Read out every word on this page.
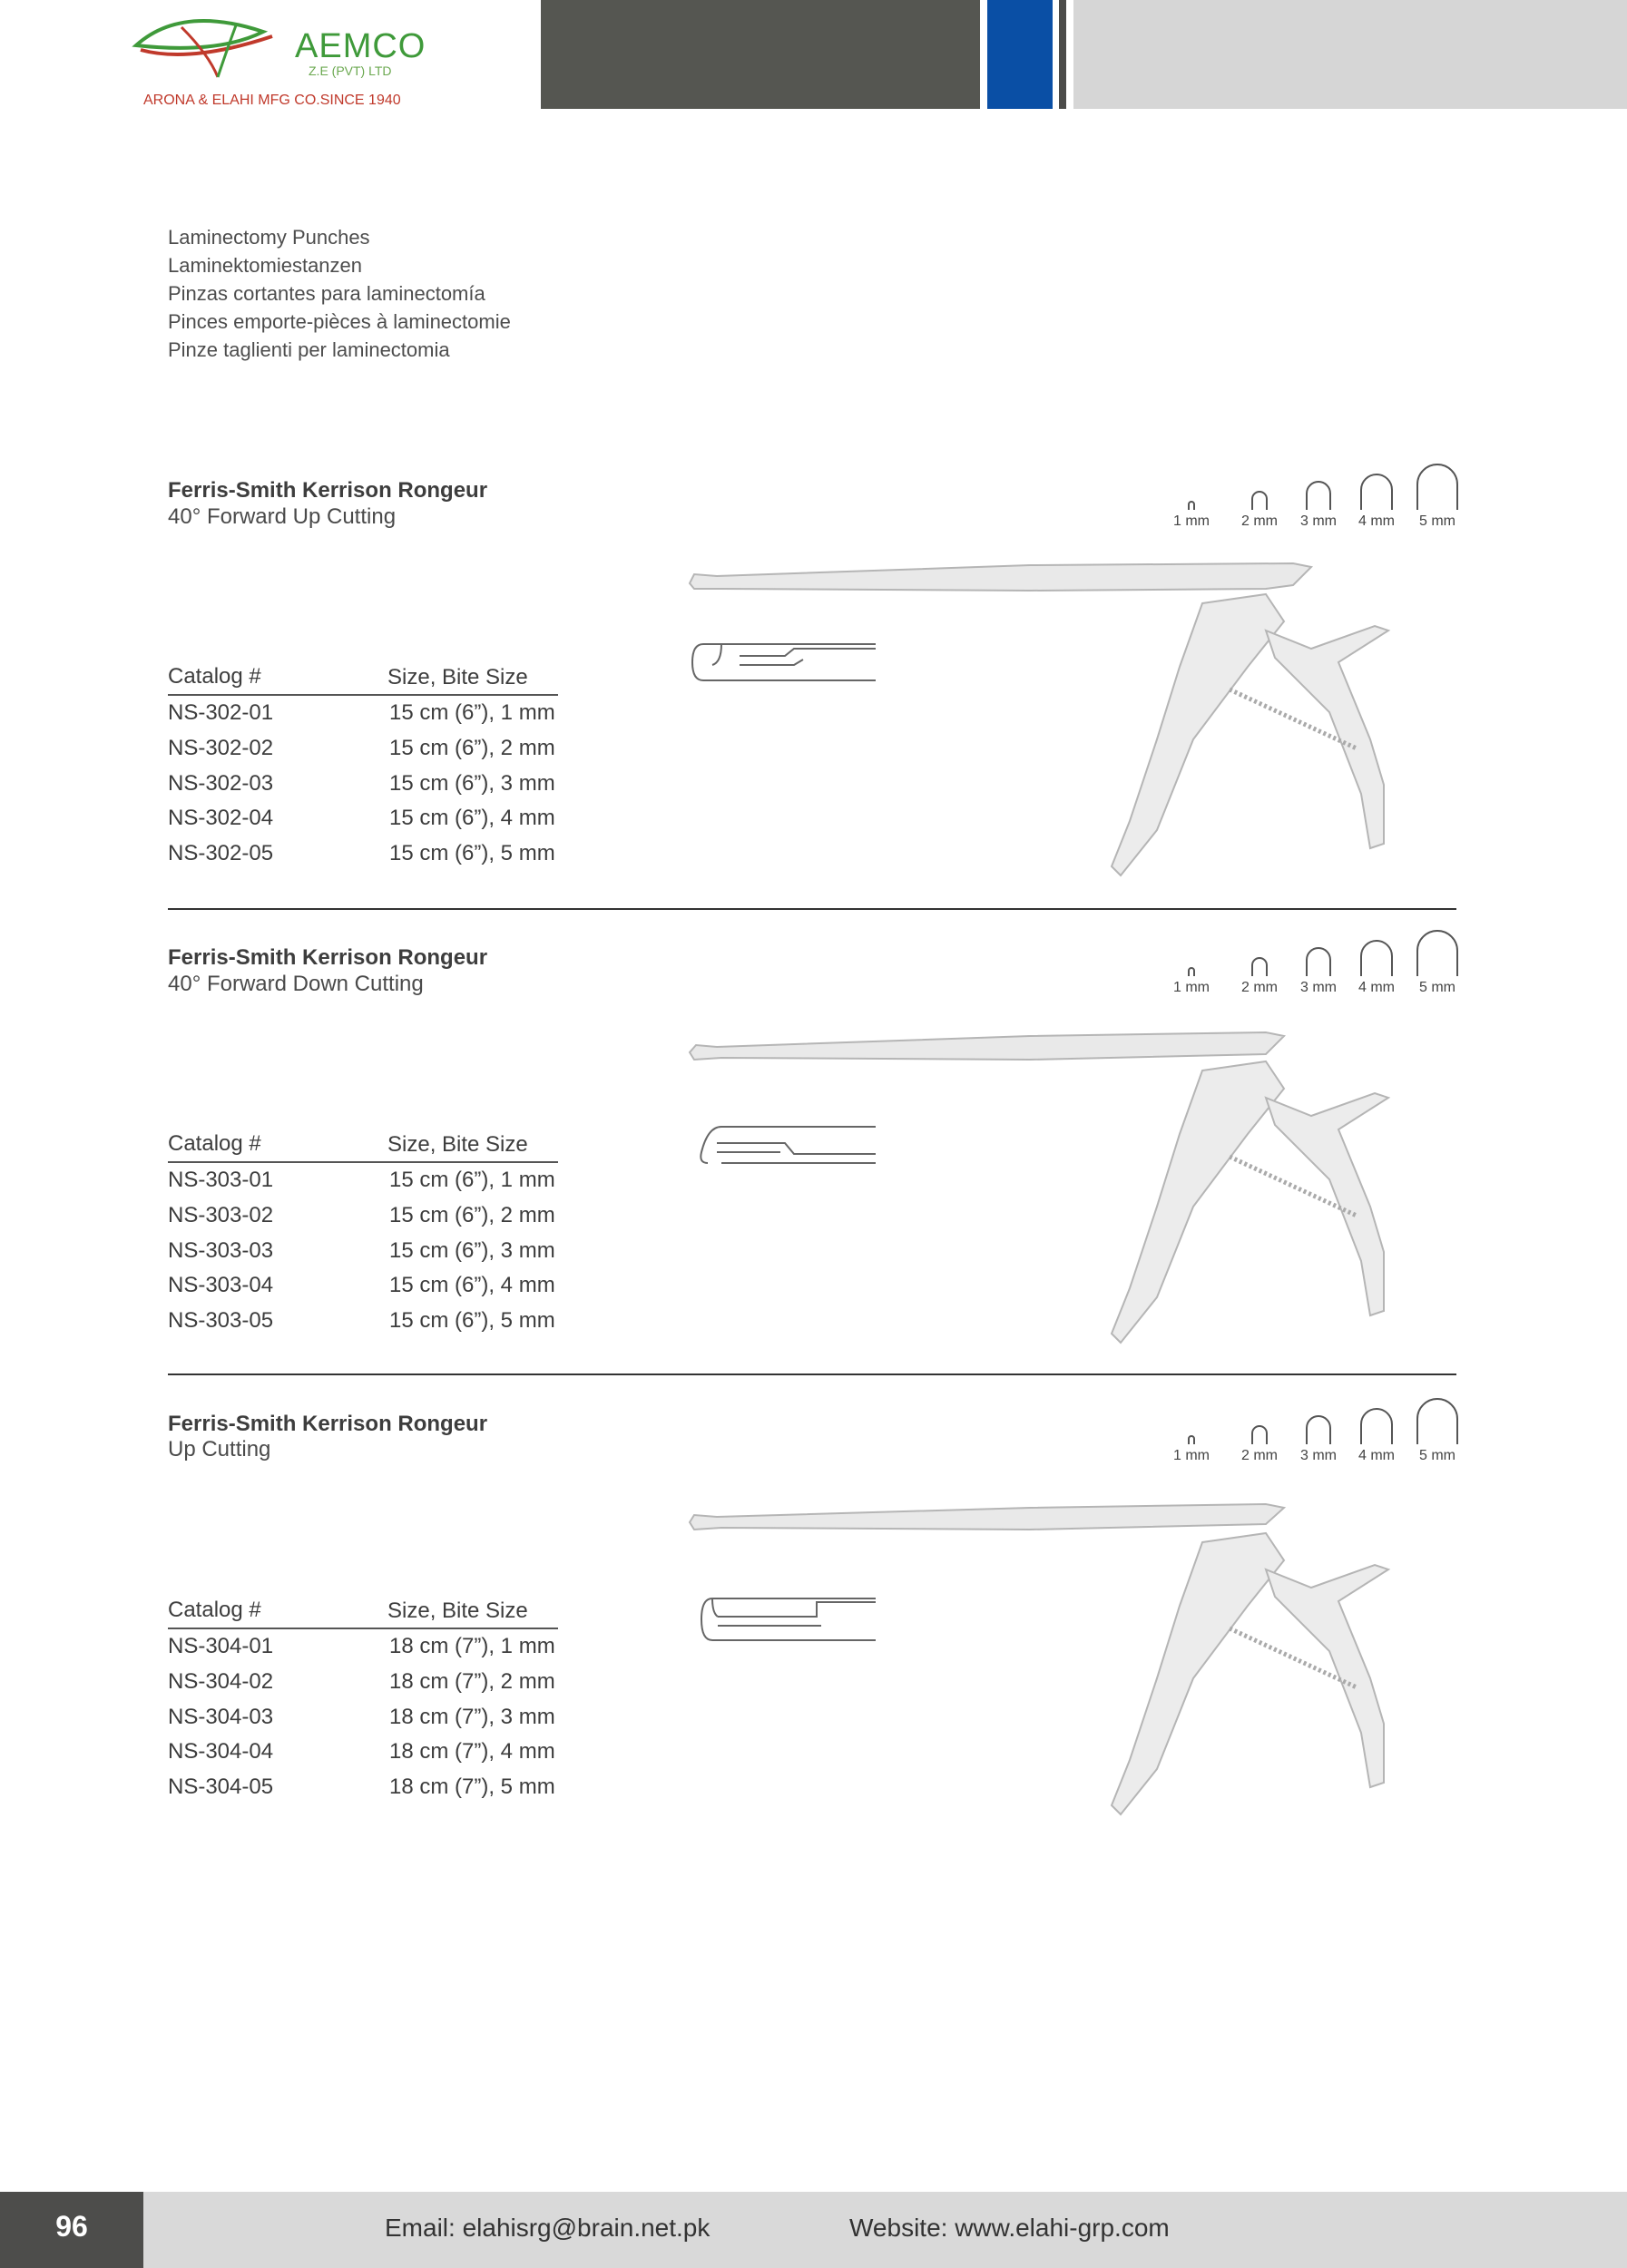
AEMCO
Z.E (PVT) LTD
ARONA & ELAHI MFG CO.SINCE 1940
Laminectomy Punches
Laminektomiestanzen
Pinzas cortantes para laminectomía
Pinces emporte-pièces à laminectomie
Pinze taglienti per laminectomia
Ferris-Smith Kerrison Rongeur
40° Forward Up Cutting	1 mm	2 mm	3 mm	4 mm	5 mm
Catalog #	Size, Bite Size
NS-302-01	15 cm (6”), 1 mm
NS-302-02	15 cm (6”), 2 mm
NS-302-03	15 cm (6”), 3 mm
NS-302-04	15 cm (6”), 4 mm
NS-302-05	15 cm (6”), 5 mm
Ferris-Smith Kerrison Rongeur
40° Forward Down Cutting	1 mm	2 mm	3 mm	4 mm	5 mm
Catalog #	Size, Bite Size
NS-303-01	15 cm (6”), 1 mm
NS-303-02	15 cm (6”), 2 mm
NS-303-03	15 cm (6”), 3 mm
NS-303-04	15 cm (6”), 4 mm
NS-303-05	15 cm (6”), 5 mm
Ferris-Smith Kerrison Rongeur
Up Cutting	1 mm	2 mm	3 mm	4 mm	5 mm
Catalog #	Size, Bite Size
NS-304-01	18 cm (7”), 1 mm
NS-304-02	18 cm (7”), 2 mm
NS-304-03	18 cm (7”), 3 mm
NS-304-04	18 cm (7”), 4 mm
NS-304-05	18 cm (7”), 5 mm
96	Email: elahisrg@brain.net.pk	Website: www.elahi-grp.com
